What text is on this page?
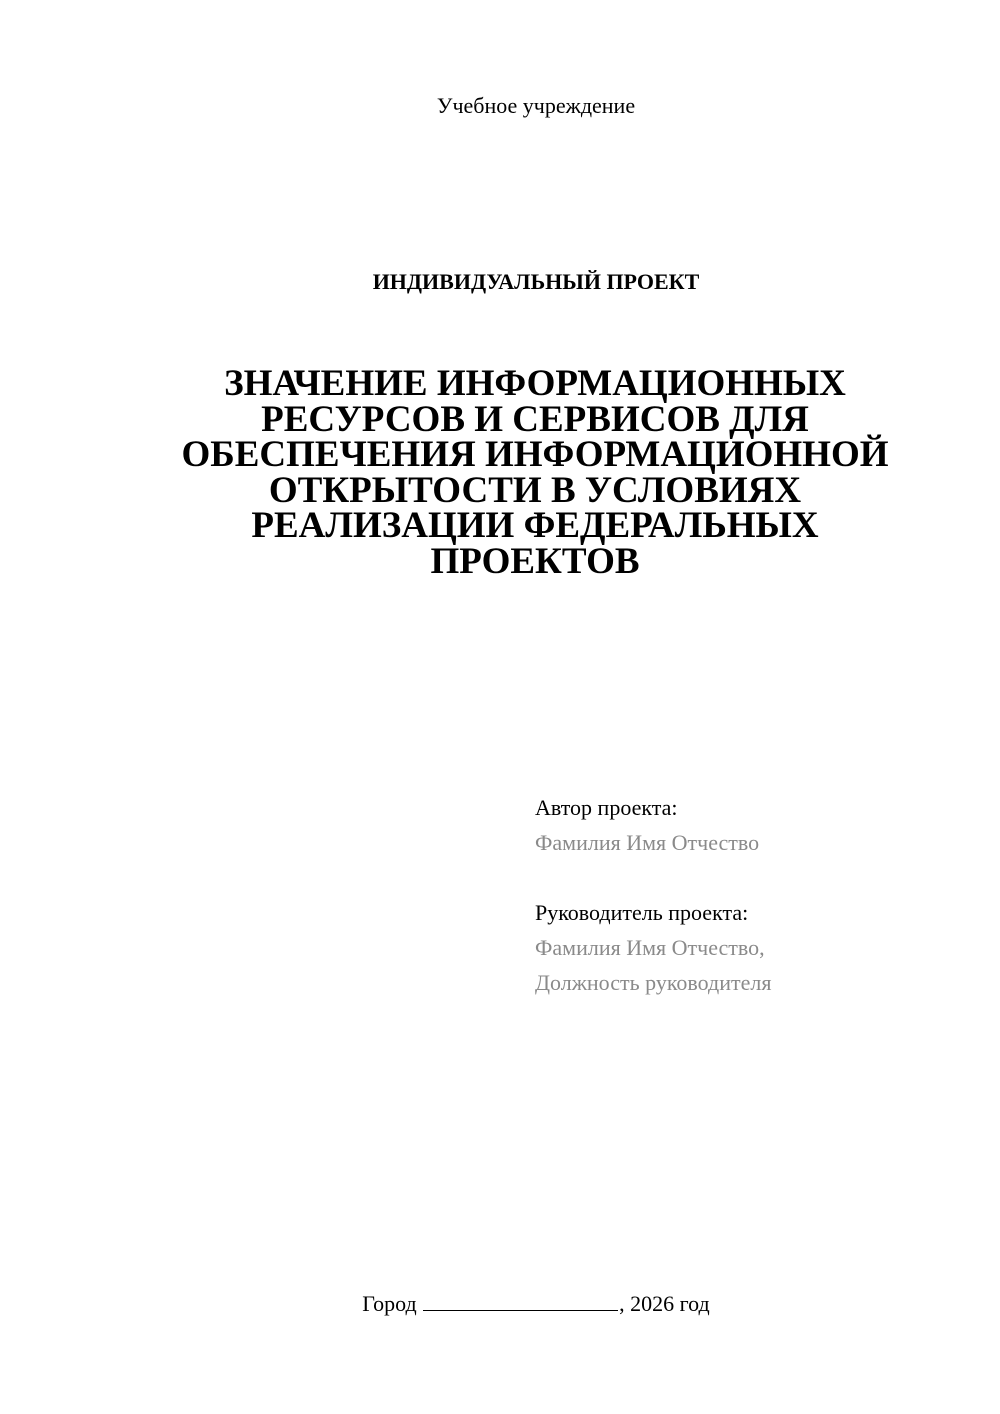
Учебное учреждение
ИНДИВИДУАЛЬНЫЙ ПРОЕКТ
ЗНАЧЕНИЕ ИНФОРМАЦИОННЫХ
РЕСУРСОВ И СЕРВИСОВ ДЛЯ
ОБЕСПЕЧЕНИЯ ИНФОРМАЦИОННОЙ
ОТКРЫТОСТИ В УСЛОВИЯХ
РЕАЛИЗАЦИИ ФЕДЕРАЛЬНЫХ
ПРОЕКТОВ
Автор проекта:
Фамилия Имя Отчество
Руководитель проекта:
Фамилия Имя Отчество,
Должность руководителя
Город	, 2026 год
